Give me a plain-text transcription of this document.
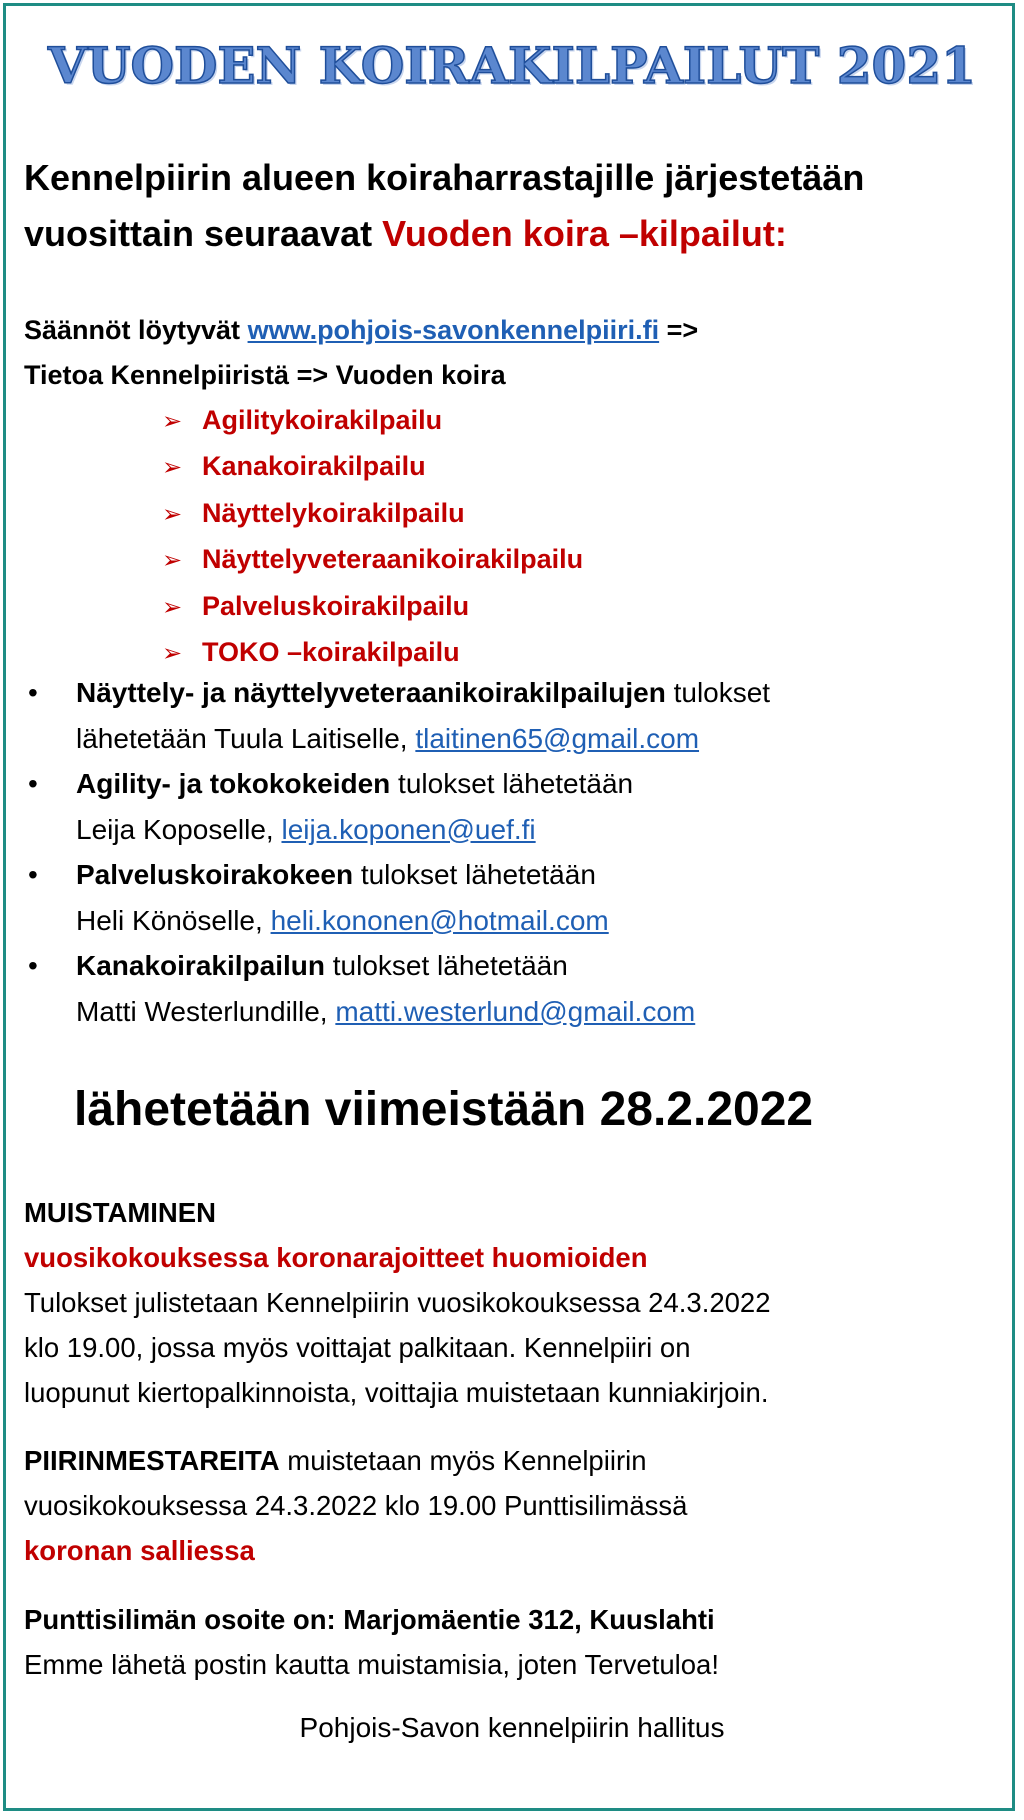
VUODEN KOIRAKILPAILUT 2021
Kennelpiirin alueen koiraharrastajille järjestetään
vuosittain seuraavat Vuoden koira –kilpailut:
Säännöt löytyvät www.pohjois-savonkennelpiiri.fi =>
Tietoa Kennelpiiristä => Vuoden koira
➢ Agilitykoirakilpailu
➢ Kanakoirakilpailu
➢ Näyttelykoirakilpailu
➢ Näyttelyveteraanikoirakilpailu
➢ Palveluskoirakilpailu
➢ TOKO –koirakilpailu
• Näyttely- ja näyttelyveteraanikoirakilpailujen tulokset
lähetetään Tuula Laitiselle, tlaitinen65@gmail.com
• Agility- ja tokokokeiden tulokset lähetetään
Leija Koposelle, leija.koponen@uef.fi
• Palveluskoirakokeen tulokset lähetetään
Heli Könöselle, heli.kononen@hotmail.com
• Kanakoirakilpailun tulokset lähetetään
Matti Westerlundille, matti.westerlund@gmail.com
lähetetään viimeistään 28.2.2022
MUISTAMINEN
vuosikokouksessa koronarajoitteet huomioiden
Tulokset julistetaan Kennelpiirin vuosikokouksessa 24.3.2022
klo 19.00, jossa myös voittajat palkitaan. Kennelpiiri on
luopunut kiertopalkinnoista, voittajia muistetaan kunniakirjoin.
PIIRINMESTAREITA muistetaan myös Kennelpiirin
vuosikokouksessa 24.3.2022 klo 19.00 Punttisilimässä
koronan salliessa
Punttisilimän osoite on: Marjomäentie 312, Kuuslahti
Emme lähetä postin kautta muistamisia, joten Tervetuloa!
Pohjois-Savon kennelpiirin hallitus
